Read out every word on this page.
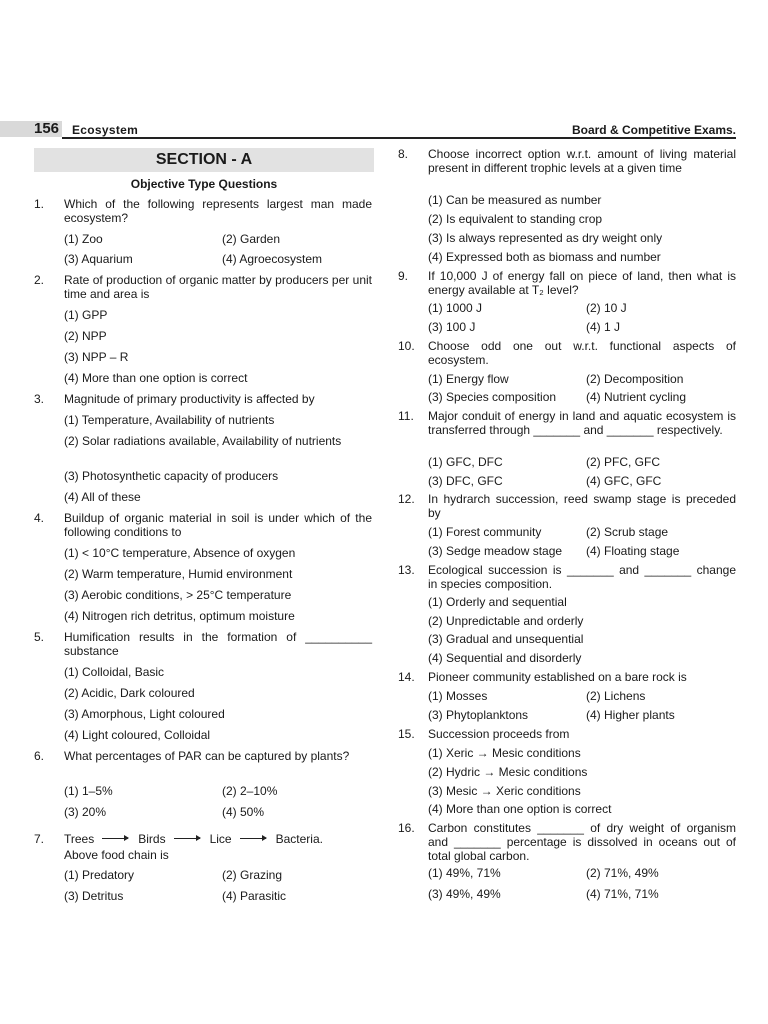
156 Ecosystem	Board & Competitive Exams.
SECTION - A
Objective Type Questions
1.	Which of the following represents largest man made ecosystem?
(1) Zoo	(2) Garden
(3) Aquarium	(4) Agroecosystem
2.	Rate of production of organic matter by producers per unit time and area is
(1) GPP
(2) NPP
(3) NPP – R
(4) More than one option is correct
3.	Magnitude of primary productivity is affected by
(1) Temperature, Availability of nutrients
(2) Solar radiations available, Availability of nutrients
(3) Photosynthetic capacity of producers
(4) All of these
4.	Buildup of organic material in soil is under which of the following conditions to
(1) < 10°C temperature, Absence of oxygen
(2) Warm temperature, Humid environment
(3) Aerobic conditions, > 25°C temperature
(4) Nitrogen rich detritus, optimum moisture
5.	Humification results in the formation of __________ substance
(1) Colloidal, Basic
(2) Acidic, Dark coloured
(3) Amorphous, Light coloured
(4) Light coloured, Colloidal
6.	What percentages of PAR can be captured by plants?
(1) 1–5%	(2) 2–10%
(3) 20%	(4) 50%
7.	Trees	Birds	Lice	Bacteria.
Above food chain is
(1) Predatory	(2) Grazing
(3) Detritus	(4) Parasitic
8.	Choose incorrect option w.r.t. amount of living material present in different trophic levels at a given time
(1) Can be measured as number
(2) Is equivalent to standing crop
(3) Is always represented as dry weight only
(4) Expressed both as biomass and number
9.	If 10,000 J of energy fall on piece of land, then what is energy available at T₂ level?
(1) 1000 J	(2) 10 J
(3) 100 J	(4) 1 J
10.	Choose odd one out w.r.t. functional aspects of ecosystem.
(1) Energy flow	(2) Decomposition
(3) Species composition (4) Nutrient cycling
11.	Major conduit of energy in land and aquatic ecosystem is transferred through _______ and _______ respectively.
(1) GFC, DFC	(2) PFC, GFC
(3) DFC, GFC	(4) GFC, GFC
12.	In hydrarch succession, reed swamp stage is preceded by
(1) Forest community	(2) Scrub stage
(3) Sedge meadow stage (4) Floating stage
13.	Ecological succession is _______ and _______ change in species composition.
(1) Orderly and sequential
(2) Unpredictable and orderly
(3) Gradual and unsequential
(4) Sequential and disorderly
14.	Pioneer community established on a bare rock is
(1) Mosses	(2) Lichens
(3) Phytoplanktons	(4) Higher plants
15.	Succession proceeds from
(1) Xeric → Mesic conditions
(2) Hydric → Mesic conditions
(3) Mesic → Xeric conditions
(4) More than one option is correct
16.	Carbon constitutes _______ of dry weight of organism and _______ percentage is dissolved in oceans out of total global carbon.
(1) 49%, 71%	(2) 71%, 49%
(3) 49%, 49%	(4) 71%, 71%
